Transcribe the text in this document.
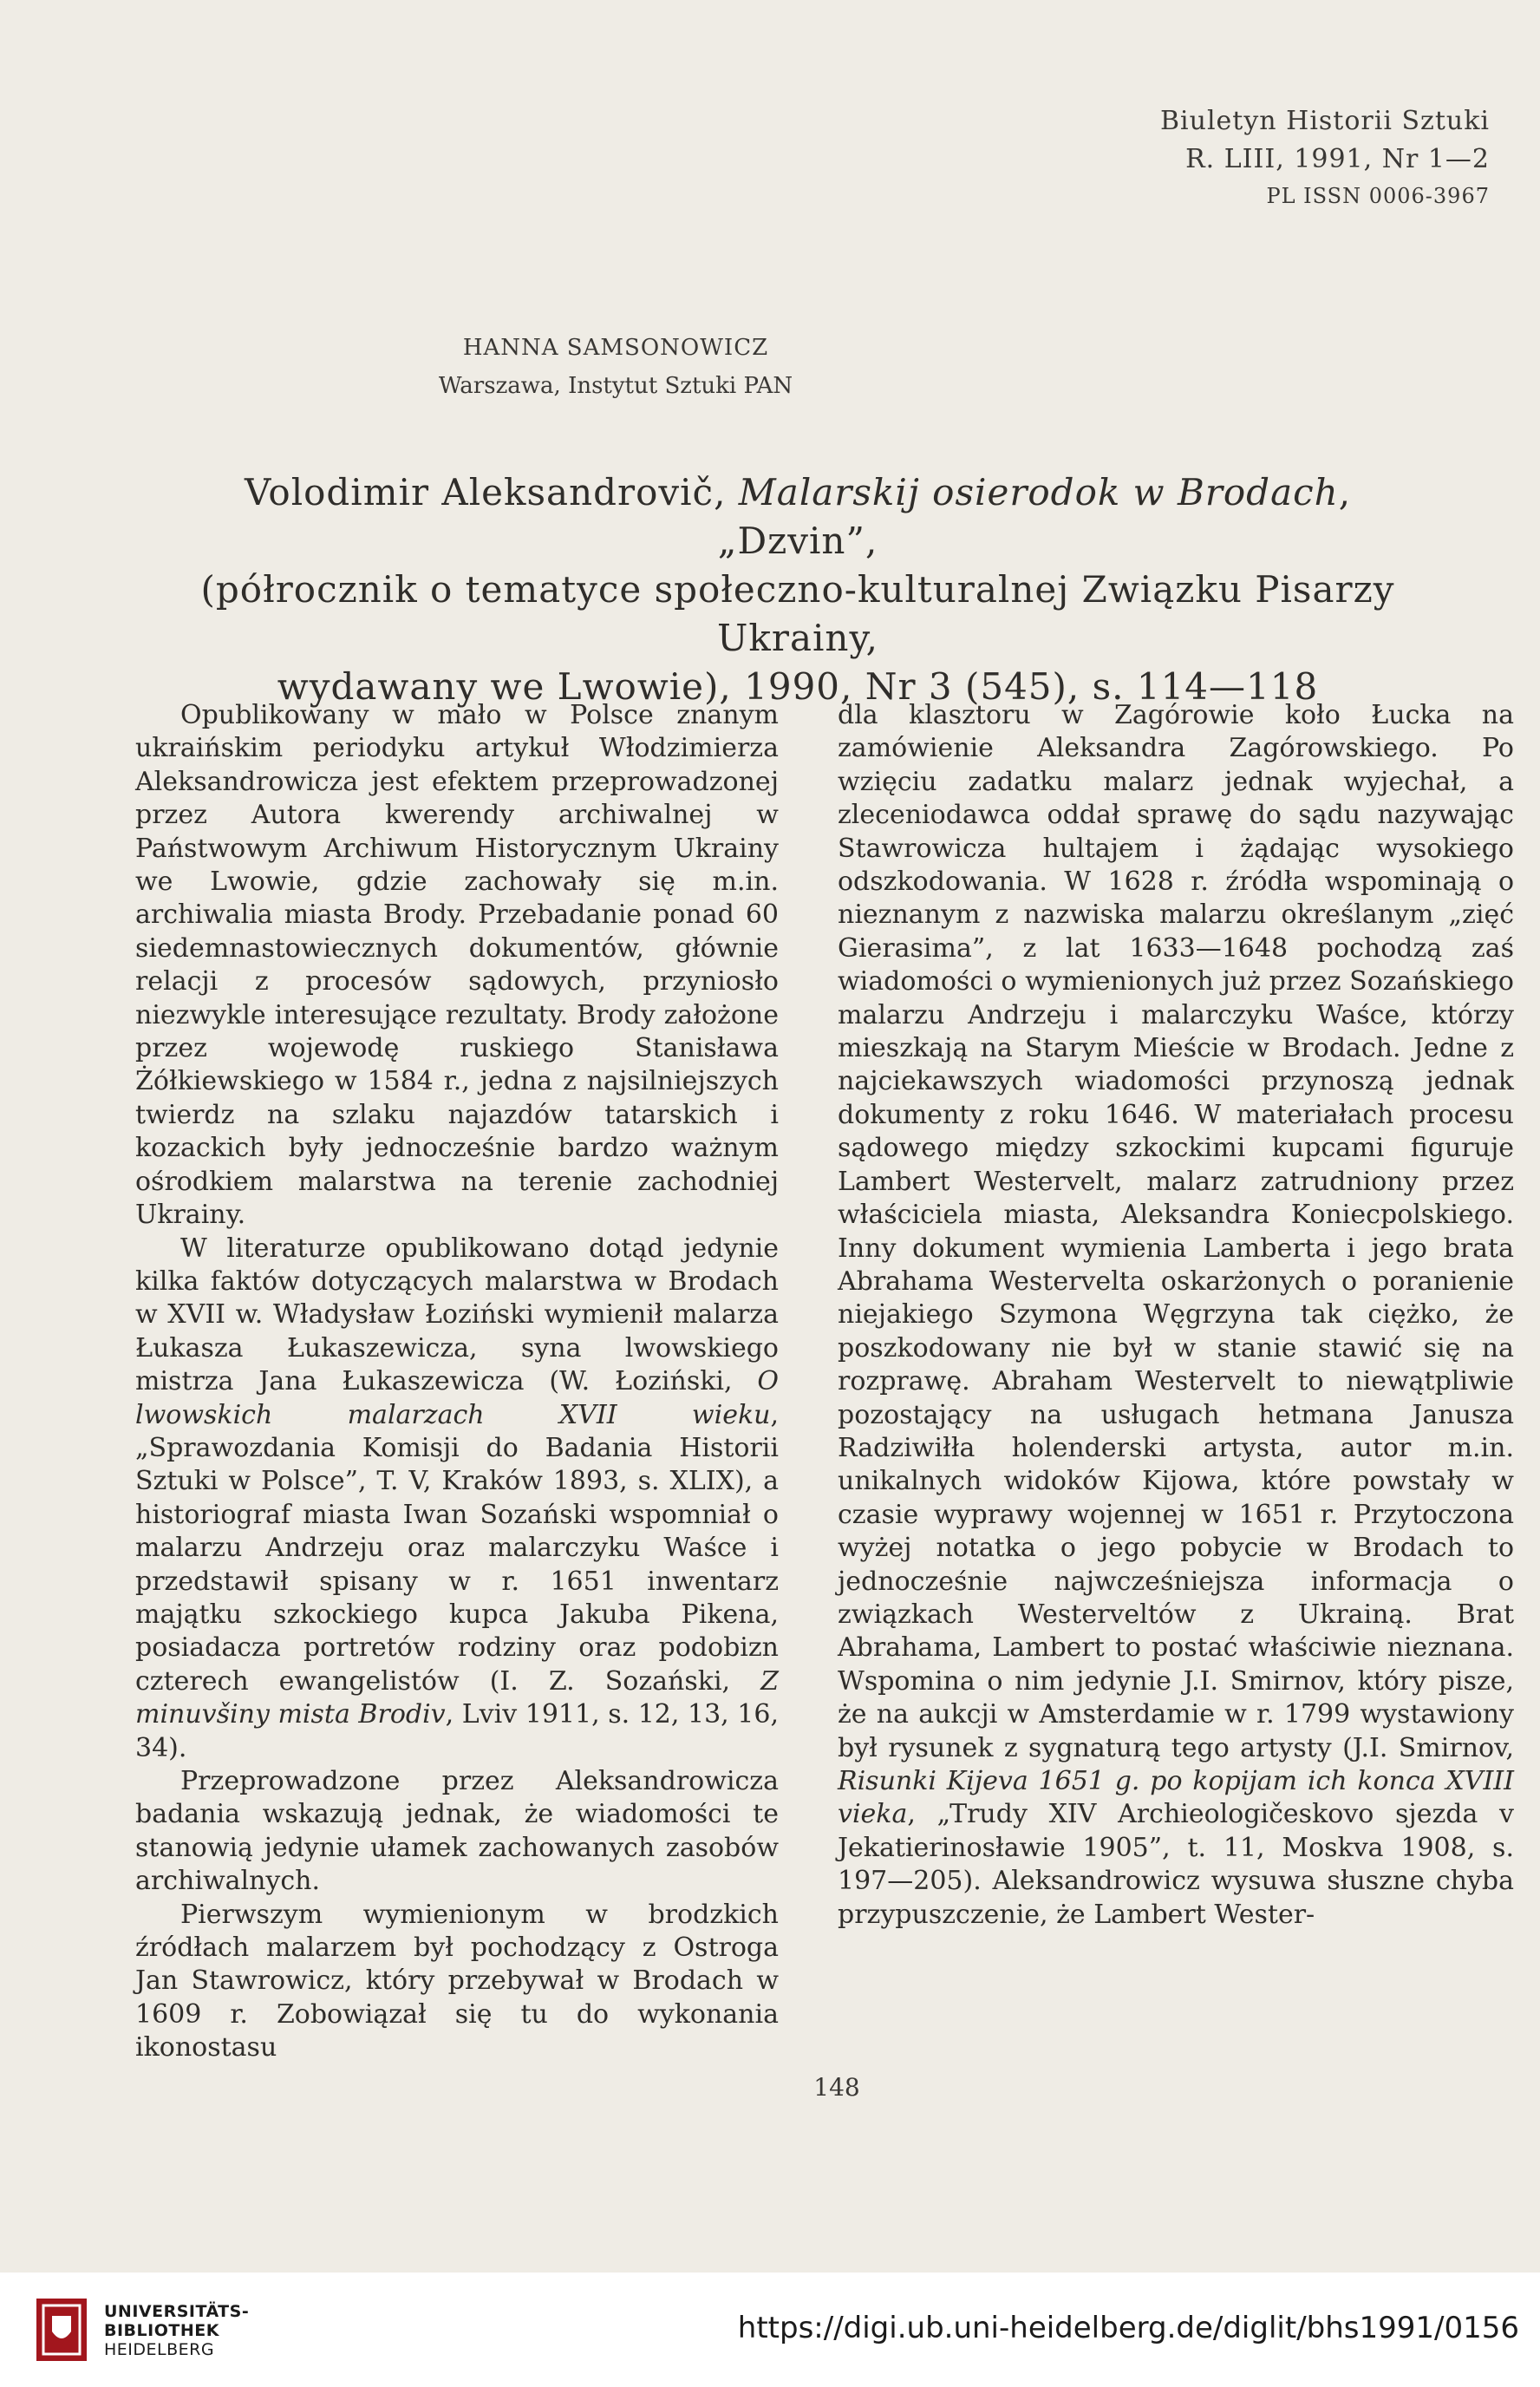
Biuletyn Historii Sztuki
R. LIII, 1991, Nr 1—2
PL ISSN 0006-3967
HANNA SAMSONOWICZ
Warszawa, Instytut Sztuki PAN
Volodimir Aleksandrovič, Malarskij osierodok w Brodach, „Dzvin”,
(półrocznik o tematyce społeczno-kulturalnej Związku Pisarzy Ukrainy,
wydawany we Lwowie), 1990, Nr 3 (545), s. 114—118

Opublikowany w mało w Polsce znanym ukraińskim periodyku artykuł Włodzimierza Aleksandrowicza jest efektem przeprowadzonej przez Autora kwerendy archiwalnej w Państwowym Archiwum Historycznym Ukrainy we Lwowie, gdzie zachowały się m.in. archiwalia miasta Brody. Przebadanie ponad 60 siedemnastowiecznych dokumentów, głównie relacji z procesów sądowych, przyniosło niezwykle interesujące rezultaty. Brody założone przez wojewodę ruskiego Stanisława Żółkiewskiego w 1584 r., jedna z najsilniejszych twierdz na szlaku najazdów tatarskich i kozackich były jednocześnie bardzo ważnym ośrodkiem malarstwa na terenie zachodniej Ukrainy.

W literaturze opublikowano dotąd jedynie kilka faktów dotyczących malarstwa w Brodach w XVII w. Władysław Łoziński wymienił malarza Łukasza Łukaszewicza, syna lwowskiego mistrza Jana Łukaszewicza (W. Łoziński, O lwowskich malarzach XVII wieku, „Sprawozdania Komisji do Badania Historii Sztuki w Polsce”, T. V, Kraków 1893, s. XLIX), a historiograf miasta Iwan Sozański wspomniał o malarzu Andrzeju oraz malarczyku Waśce i przedstawił spisany w r. 1651 inwentarz majątku szkockiego kupca Jakuba Pikena, posiadacza portretów rodziny oraz podobizn czterech ewangelistów (I. Z. Sozański, Z minuvšiny mista Brodiv, Lviv 1911, s. 12, 13, 16, 34).

Przeprowadzone przez Aleksandrowicza badania wskazują jednak, że wiadomości te stanowią jedynie ułamek zachowanych zasobów archiwalnych.

Pierwszym wymienionym w brodzkich źródłach malarzem był pochodzący z Ostroga Jan Stawrowicz, który przebywał w Brodach w 1609 r. Zobowiązał się tu do wykonania ikonostasu

dla klasztoru w Zagórowie koło Łucka na zamówienie Aleksandra Zagórowskiego. Po wzięciu zadatku malarz jednak wyjechał, a zleceniodawca oddał sprawę do sądu nazywając Stawrowicza hultajem i żądając wysokiego odszkodowania. W 1628 r. źródła wspominają o nieznanym z nazwiska malarzu określanym „zięć Gierasima”, z lat 1633—1648 pochodzą zaś wiadomości o wymienionych już przez Sozańskiego malarzu Andrzeju i malarczyku Waśce, którzy mieszkają na Starym Mieście w Brodach. Jedne z najciekawszych wiadomości przynoszą jednak dokumenty z roku 1646. W materiałach procesu sądowego między szkockimi kupcami figuruje Lambert Westervelt, malarz zatrudniony przez właściciela miasta, Aleksandra Koniecpolskiego. Inny dokument wymienia Lamberta i jego brata Abrahama Westervelta oskarżonych o poranienie niejakiego Szymona Węgrzyna tak ciężko, że poszkodowany nie był w stanie stawić się na rozprawę. Abraham Westervelt to niewątpliwie pozostający na usługach hetmana Janusza Radziwiłła holenderski artysta, autor m.in. unikalnych widoków Kijowa, które powstały w czasie wyprawy wojennej w 1651 r. Przytoczona wyżej notatka o jego pobycie w Brodach to jednocześnie najwcześniejsza informacja o związkach Westerveltów z Ukrainą. Brat Abrahama, Lambert to postać właściwie nieznana. Wspomina o nim jedynie J.I. Smirnov, który pisze, że na aukcji w Amsterdamie w r. 1799 wystawiony był rysunek z sygnaturą tego artysty (J.I. Smirnov, Risunki Kijeva 1651 g. po kopijam ich konca XVIII vieka, „Trudy XIV Archieologičeskovo sjezda v Jekatierinosławie 1905”, t. 11, Moskva 1908, s. 197—205). Aleksandrowicz wysuwa słuszne chyba przypuszczenie, że Lambert Wester-

148
UNIVERSITÄTS-
BIBLIOTHEK
HEIDELBERG
https://digi.ub.uni-heidelberg.de/diglit/bhs1991/0156
